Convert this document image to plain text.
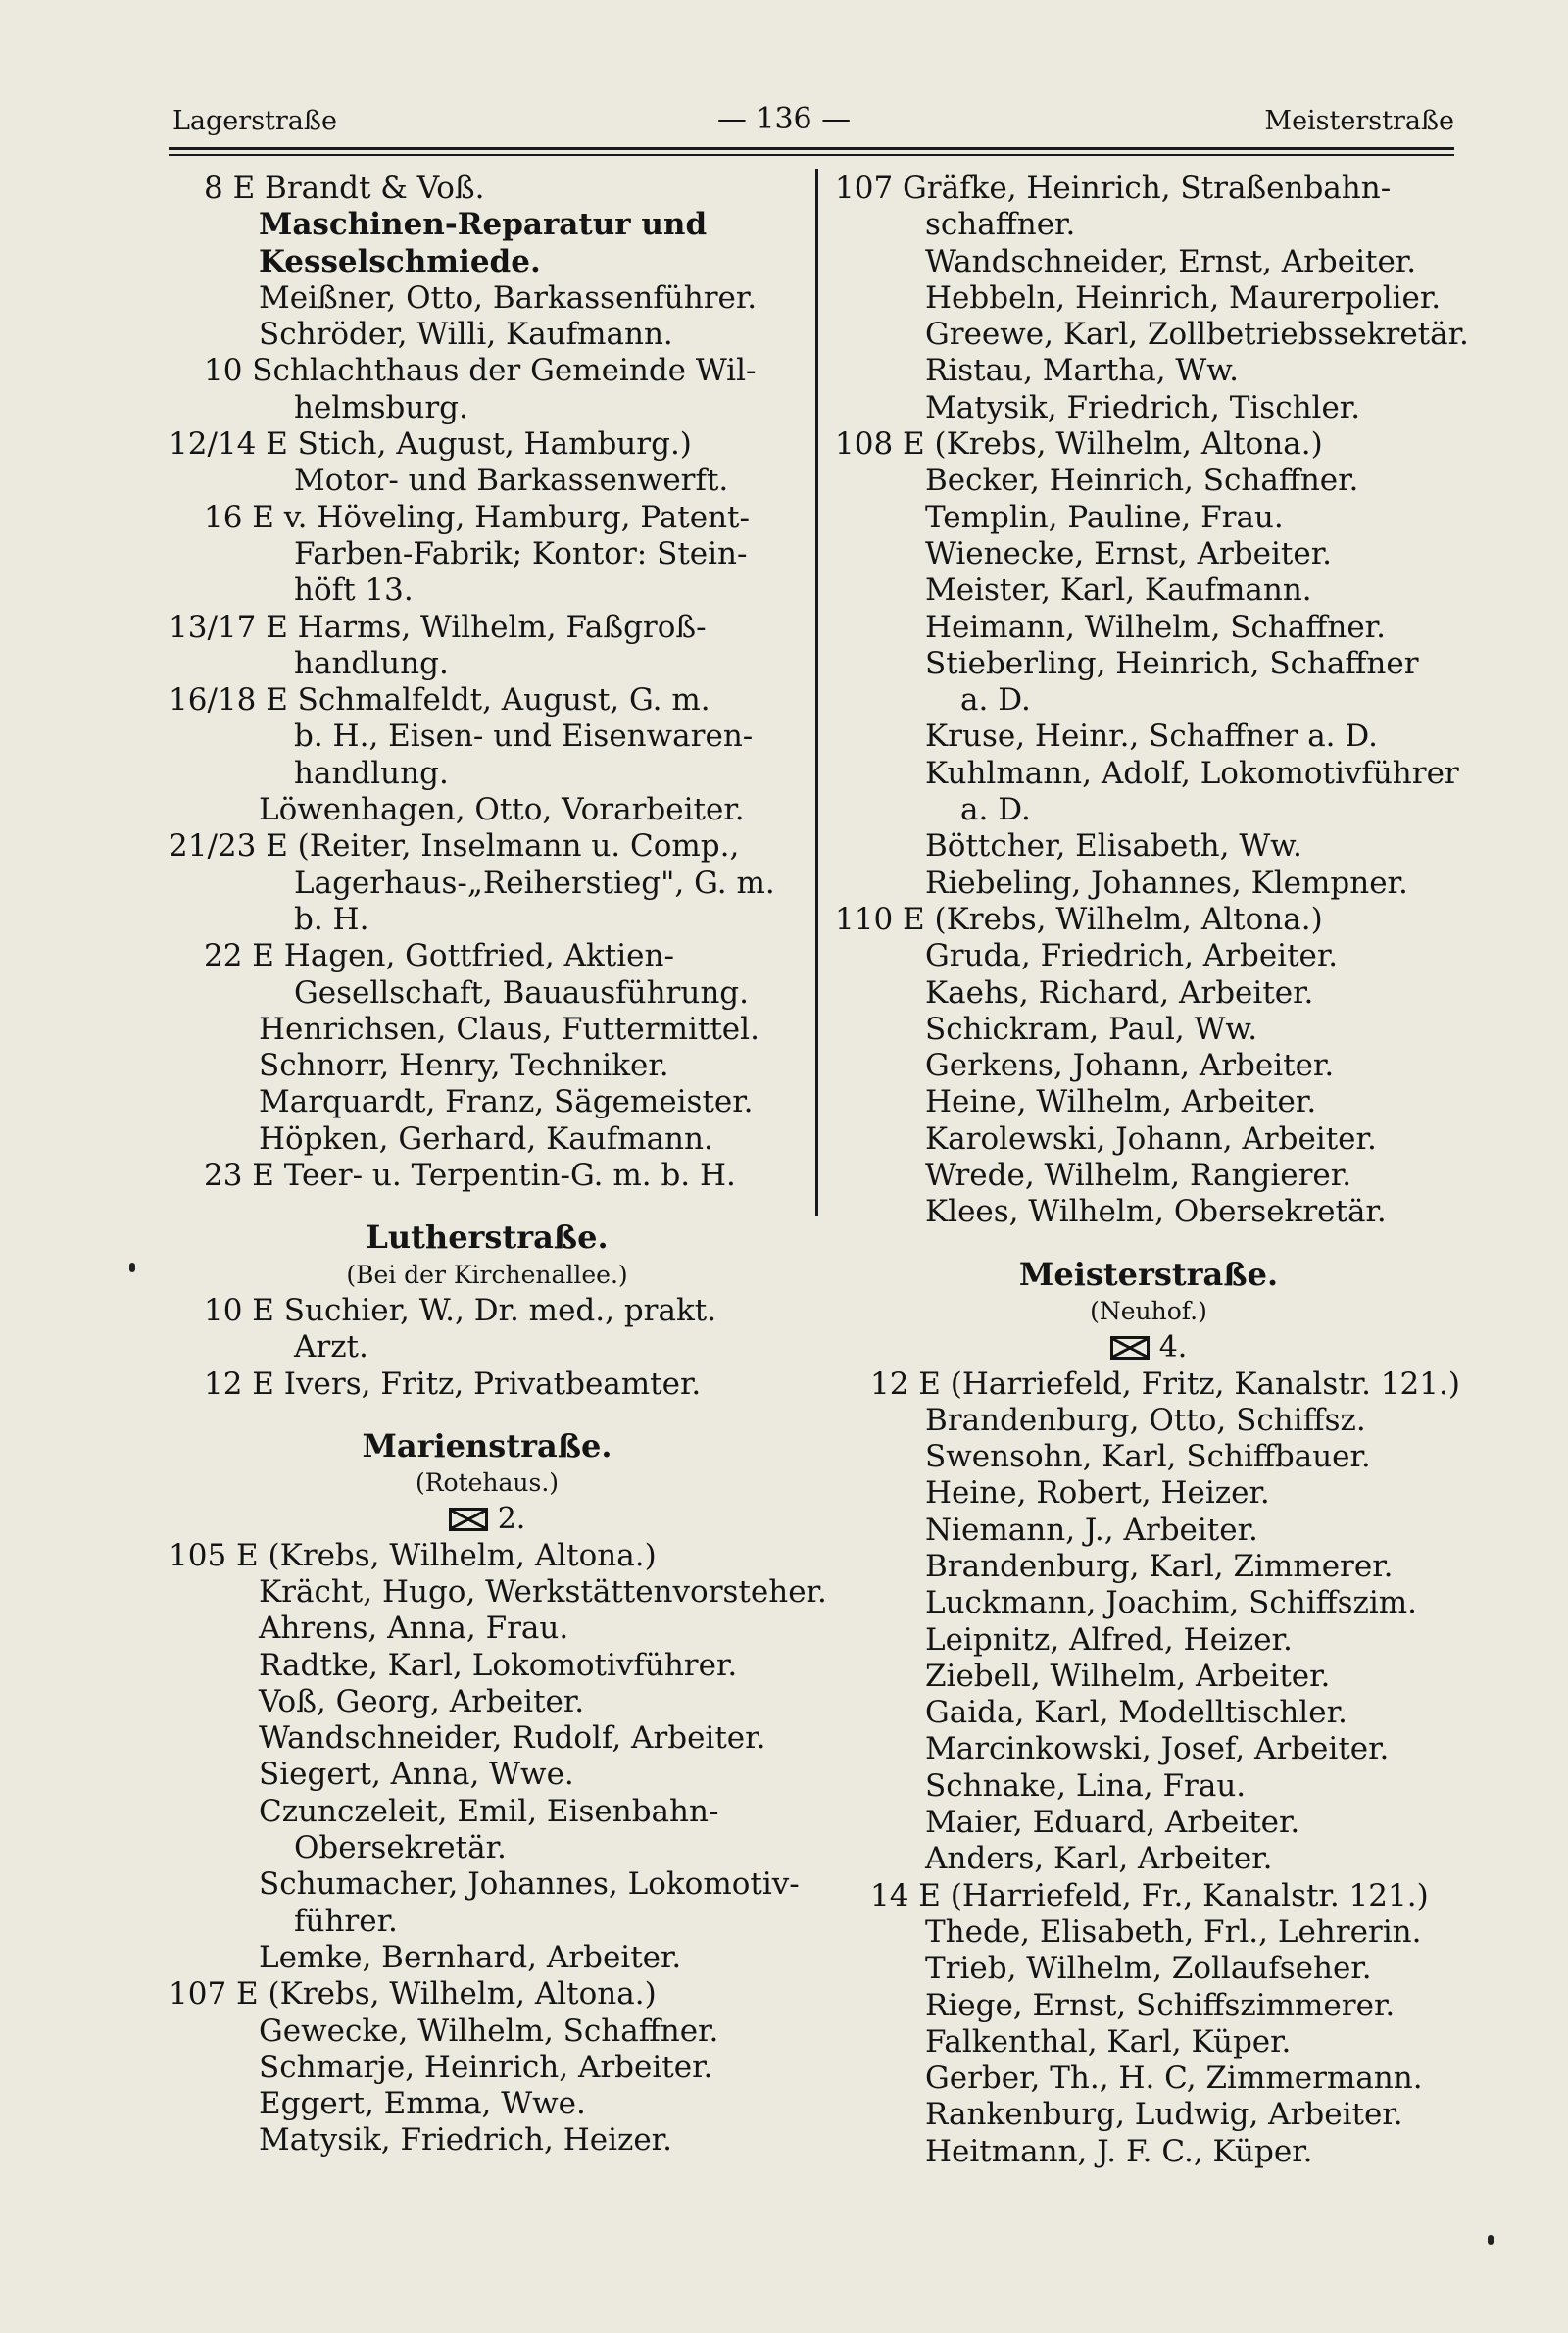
Lagerstraße	— 136 —	Meisterstraße
8 E Brandt & Voß.
Maschinen-Reparatur und
Kesselschmiede.
Meißner, Otto, Barkassenführer.
Schröder, Willi, Kaufmann.
10 Schlachthaus der Gemeinde Wil-
helmsburg.
12/14 E Stich, August, Hamburg.)
Motor- und Barkassenwerft.
16 E v. Höveling, Hamburg, Patent-
Farben-Fabrik; Kontor: Stein-
höft 13.
13/17 E Harms, Wilhelm, Faßgroß-
handlung.
16/18 E Schmalfeldt, August, G. m.
b. H., Eisen- und Eisenwaren-
handlung.
Löwenhagen, Otto, Vorarbeiter.
21/23 E (Reiter, Inselmann u. Comp.,
Lagerhaus-„Reiherstieg", G. m.
b. H.
22 E Hagen, Gottfried, Aktien-
Gesellschaft, Bauausführung.
Henrichsen, Claus, Futtermittel.
Schnorr, Henry, Techniker.
Marquardt, Franz, Sägemeister.
Höpken, Gerhard, Kaufmann.
23 E Teer- u. Terpentin-G. m. b. H.
Lutherstraße.
(Bei der Kirchenallee.)
10 E Suchier, W., Dr. med., prakt.
Arzt.
12 E Ivers, Fritz, Privatbeamter.
Marienstraße.
(Rotehaus.)
2.
105 E (Krebs, Wilhelm, Altona.)
Krächt, Hugo, Werkstättenvorsteher.
Ahrens, Anna, Frau.
Radtke, Karl, Lokomotivführer.
Voß, Georg, Arbeiter.
Wandschneider, Rudolf, Arbeiter.
Siegert, Anna, Wwe.
Czunczeleit, Emil, Eisenbahn-
Obersekretär.
Schumacher, Johannes, Lokomotiv-
führer.
Lemke, Bernhard, Arbeiter.
107 E (Krebs, Wilhelm, Altona.)
Gewecke, Wilhelm, Schaffner.
Schmarje, Heinrich, Arbeiter.
Eggert, Emma, Wwe.
Matysik, Friedrich, Heizer.
107 Gräfke, Heinrich, Straßenbahn-
schaffner.
Wandschneider, Ernst, Arbeiter.
Hebbeln, Heinrich, Maurerpolier.
Greewe, Karl, Zollbetriebssekretär.
Ristau, Martha, Ww.
Matysik, Friedrich, Tischler.
108 E (Krebs, Wilhelm, Altona.)
Becker, Heinrich, Schaffner.
Templin, Pauline, Frau.
Wienecke, Ernst, Arbeiter.
Meister, Karl, Kaufmann.
Heimann, Wilhelm, Schaffner.
Stieberling, Heinrich, Schaffner
a. D.
Kruse, Heinr., Schaffner a. D.
Kuhlmann, Adolf, Lokomotivführer
a. D.
Böttcher, Elisabeth, Ww.
Riebeling, Johannes, Klempner.
110 E (Krebs, Wilhelm, Altona.)
Gruda, Friedrich, Arbeiter.
Kaehs, Richard, Arbeiter.
Schickram, Paul, Ww.
Gerkens, Johann, Arbeiter.
Heine, Wilhelm, Arbeiter.
Karolewski, Johann, Arbeiter.
Wrede, Wilhelm, Rangierer.
Klees, Wilhelm, Obersekretär.
Meisterstraße.
(Neuhof.)
4.
12 E (Harriefeld, Fritz, Kanalstr. 121.)
Brandenburg, Otto, Schiffsz.
Swensohn, Karl, Schiffbauer.
Heine, Robert, Heizer.
Niemann, J., Arbeiter.
Brandenburg, Karl, Zimmerer.
Luckmann, Joachim, Schiffszim.
Leipnitz, Alfred, Heizer.
Ziebell, Wilhelm, Arbeiter.
Gaida, Karl, Modelltischler.
Marcinkowski, Josef, Arbeiter.
Schnake, Lina, Frau.
Maier, Eduard, Arbeiter.
Anders, Karl, Arbeiter.
14 E (Harriefeld, Fr., Kanalstr. 121.)
Thede, Elisabeth, Frl., Lehrerin.
Trieb, Wilhelm, Zollaufseher.
Riege, Ernst, Schiffszimmerer.
Falkenthal, Karl, Küper.
Gerber, Th., H. C, Zimmermann.
Rankenburg, Ludwig, Arbeiter.
Heitmann, J. F. C., Küper.
